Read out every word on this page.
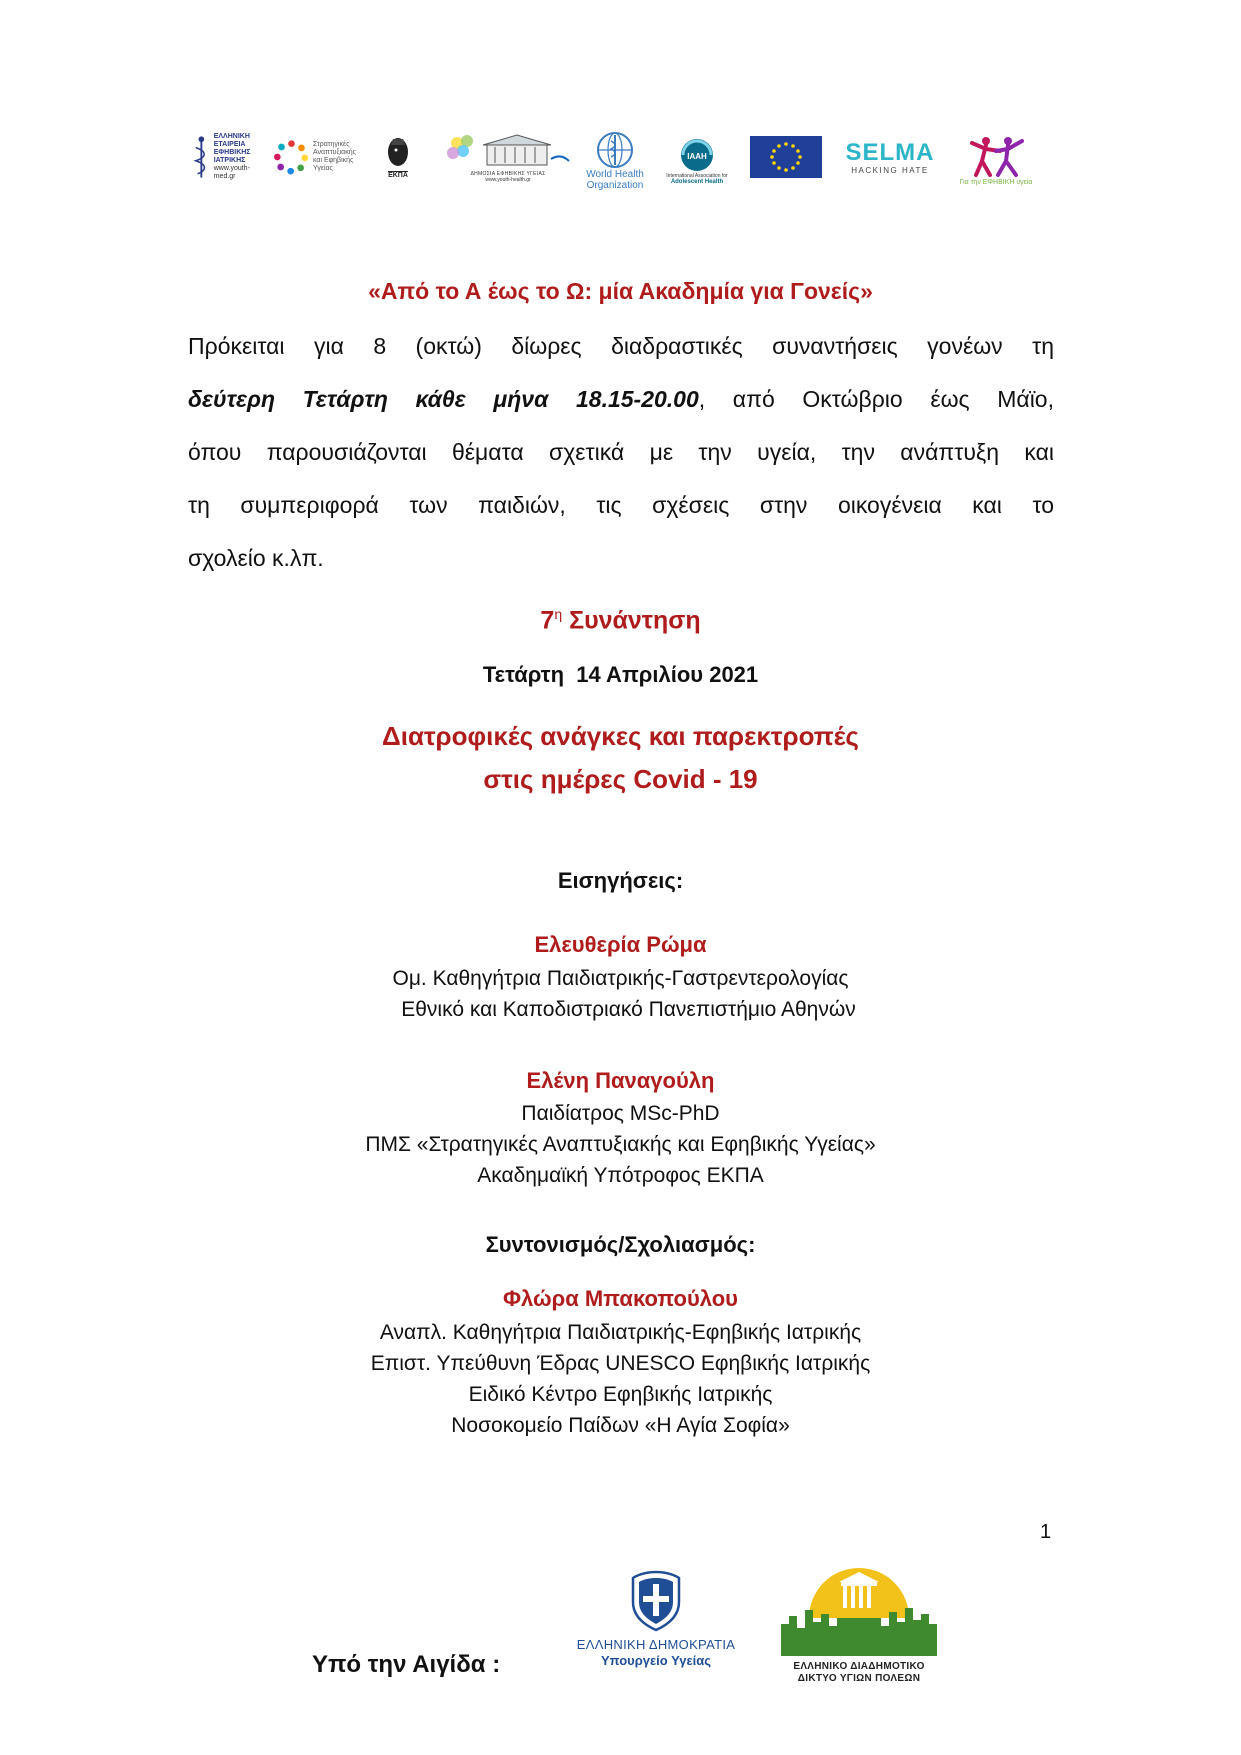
ΕΛΛΗΝΙΚΗ
ΕΤΑΙΡΕΙΑ
ΕΦΗΒΙΚΗΣ
ΙΑΤΡΙΚΗΣ
www.youth-med.gr
Στρατηγικές
Αναπτυξιακής
και Εφηβικής
Υγείας
ΕΚΠΑ	ΔΗΜΟΣΙΑ ΕΦΗΒΙΚΗΣ ΥΓΕΙΑΣ
www.youth-health.gr	World Health
Organization
IAAH
International Association for
Adolescent Health
SELMA
HACKING HATE
Για την ΕΦΗΒΙΚΗ υγεία
«Από το Α έως το Ω: μία Ακαδημία για Γονείς»
Πρόκειται για 8 (οκτώ) δίωρες διαδραστικές συναντήσεις γονέων τη
δεύτερη Τετάρτη κάθε μήνα 18.15-20.00, από Οκτώβριο έως Μάϊο,
όπου παρουσιάζονται θέματα σχετικά με την υγεία, την ανάπτυξη και
τη συμπεριφορά των παιδιών, τις σχέσεις στην οικογένεια και το
σχολείο κ.λπ.
$7^\eta$ Συνάντηση
Τετάρτη  14 Απριλίου 2021
Διατροφικές ανάγκες και παρεκτροπές
στις ημέρες Covid - 19
Εισηγήσεις:
Ελευθερία Ρώμα
Ομ. Καθηγήτρια Παιδιατρικής-Γαστρεντερολογίας
Εθνικό και Καποδιστριακό Πανεπιστήμιο Αθηνών
Ελένη Παναγούλη
Παιδίατρος MSc-PhD
ΠΜΣ «Στρατηγικές Αναπτυξιακής και Εφηβικής Υγείας»
Ακαδημαϊκή Υπότροφος ΕΚΠΑ
Συντονισμός/Σχολιασμός:
Φλώρα Μπακοπούλου
Αναπλ. Καθηγήτρια Παιδιατρικής-Εφηβικής Ιατρικής
Επιστ. Υπεύθυνη Έδρας UNESCO Εφηβικής Ιατρικής
Ειδικό Κέντρο Εφηβικής Ιατρικής
Νοσοκομείο Παίδων «Η Αγία Σοφία»
1
Υπό την Αιγίδα :
ΕΛΛΗΝΙΚΗ ΔΗΜΟΚΡΑΤΙΑ
Υπουργείο Υγείας	ΕΛΛΗΝΙΚΟ ΔΙΑΔΗΜΟΤΙΚΟ
ΔΙΚΤΥΟ ΥΓΙΩΝ ΠΟΛΕΩΝ
